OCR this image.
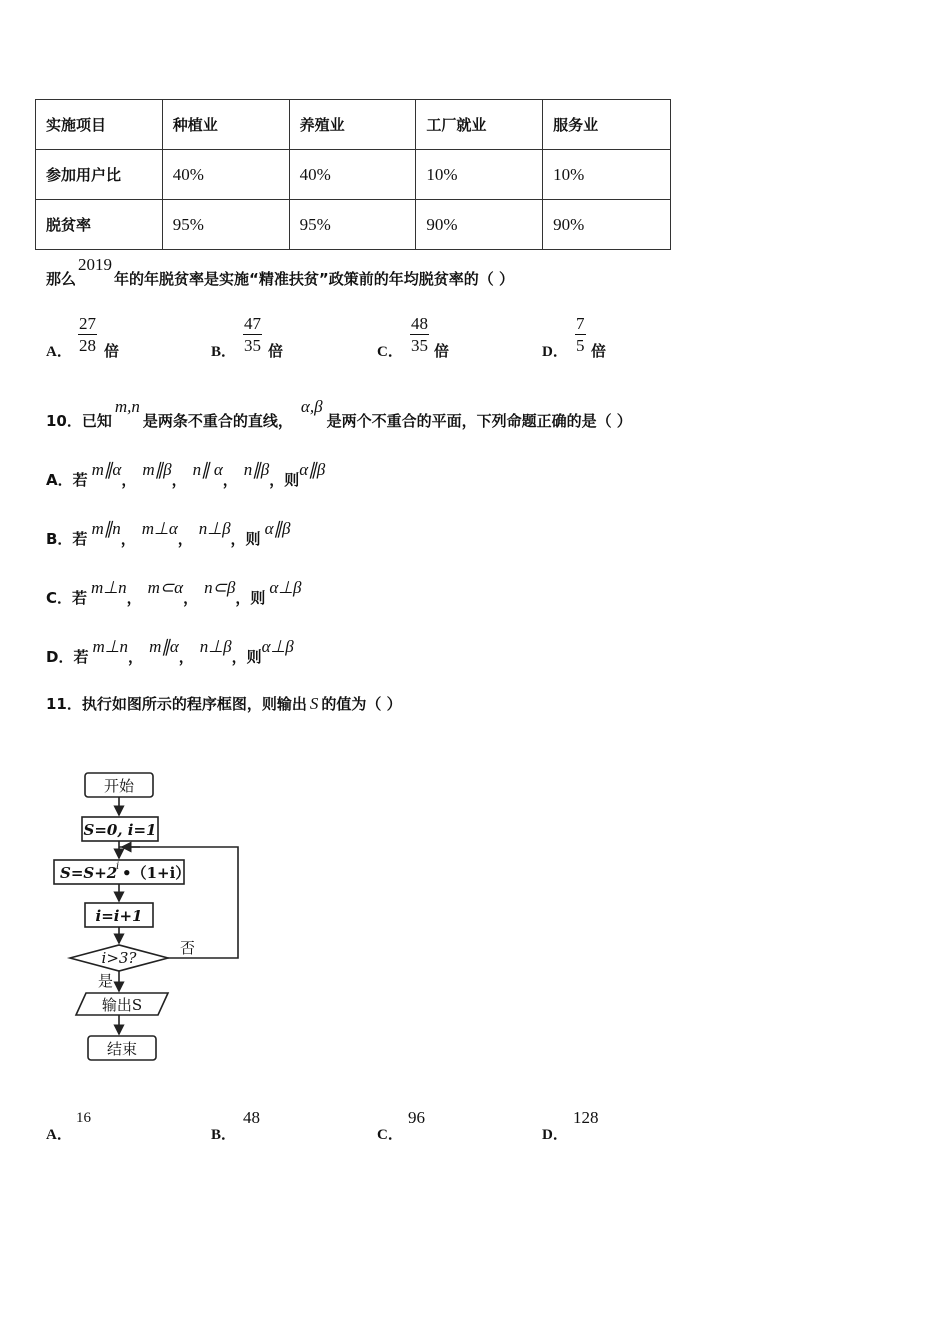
实施项目	种植业	养殖业	工厂就业	服务业
参加用户比	40%	40%	10%	10%
脱贫率	95%	95%	90%	90%
那么2019年的年脱贫率是实施“精准扶贫”政策前的年均脱贫率的（ ）
A． $\frac{27}{28}$ 倍	B． $\frac{47}{35}$ 倍	C． $\frac{48}{35}$ 倍	D． $\frac{7}{5}$ 倍
10．已知m,n是两条不重合的直线，α,β是两个不重合的平面，下列命题正确的是（ ）
A．若m∥α，m∥β，n∥ α，n∥β，则α∥β
B．若m∥n，m⊥α，n⊥β，则α∥β
C．若m⊥n，m⊂α，n⊂β，则α⊥β
D．若m⊥n，m∥α，n⊥β，则α⊥β
11．执行如图所示的程序框图，则输出 S 的值为（ ）
开始
S=0, i=1
S=S+2
i •（1+i）
i=i+1
i>3?
否
是
输出S
结束
A．
16
B．
48
C．
96
D．
128
